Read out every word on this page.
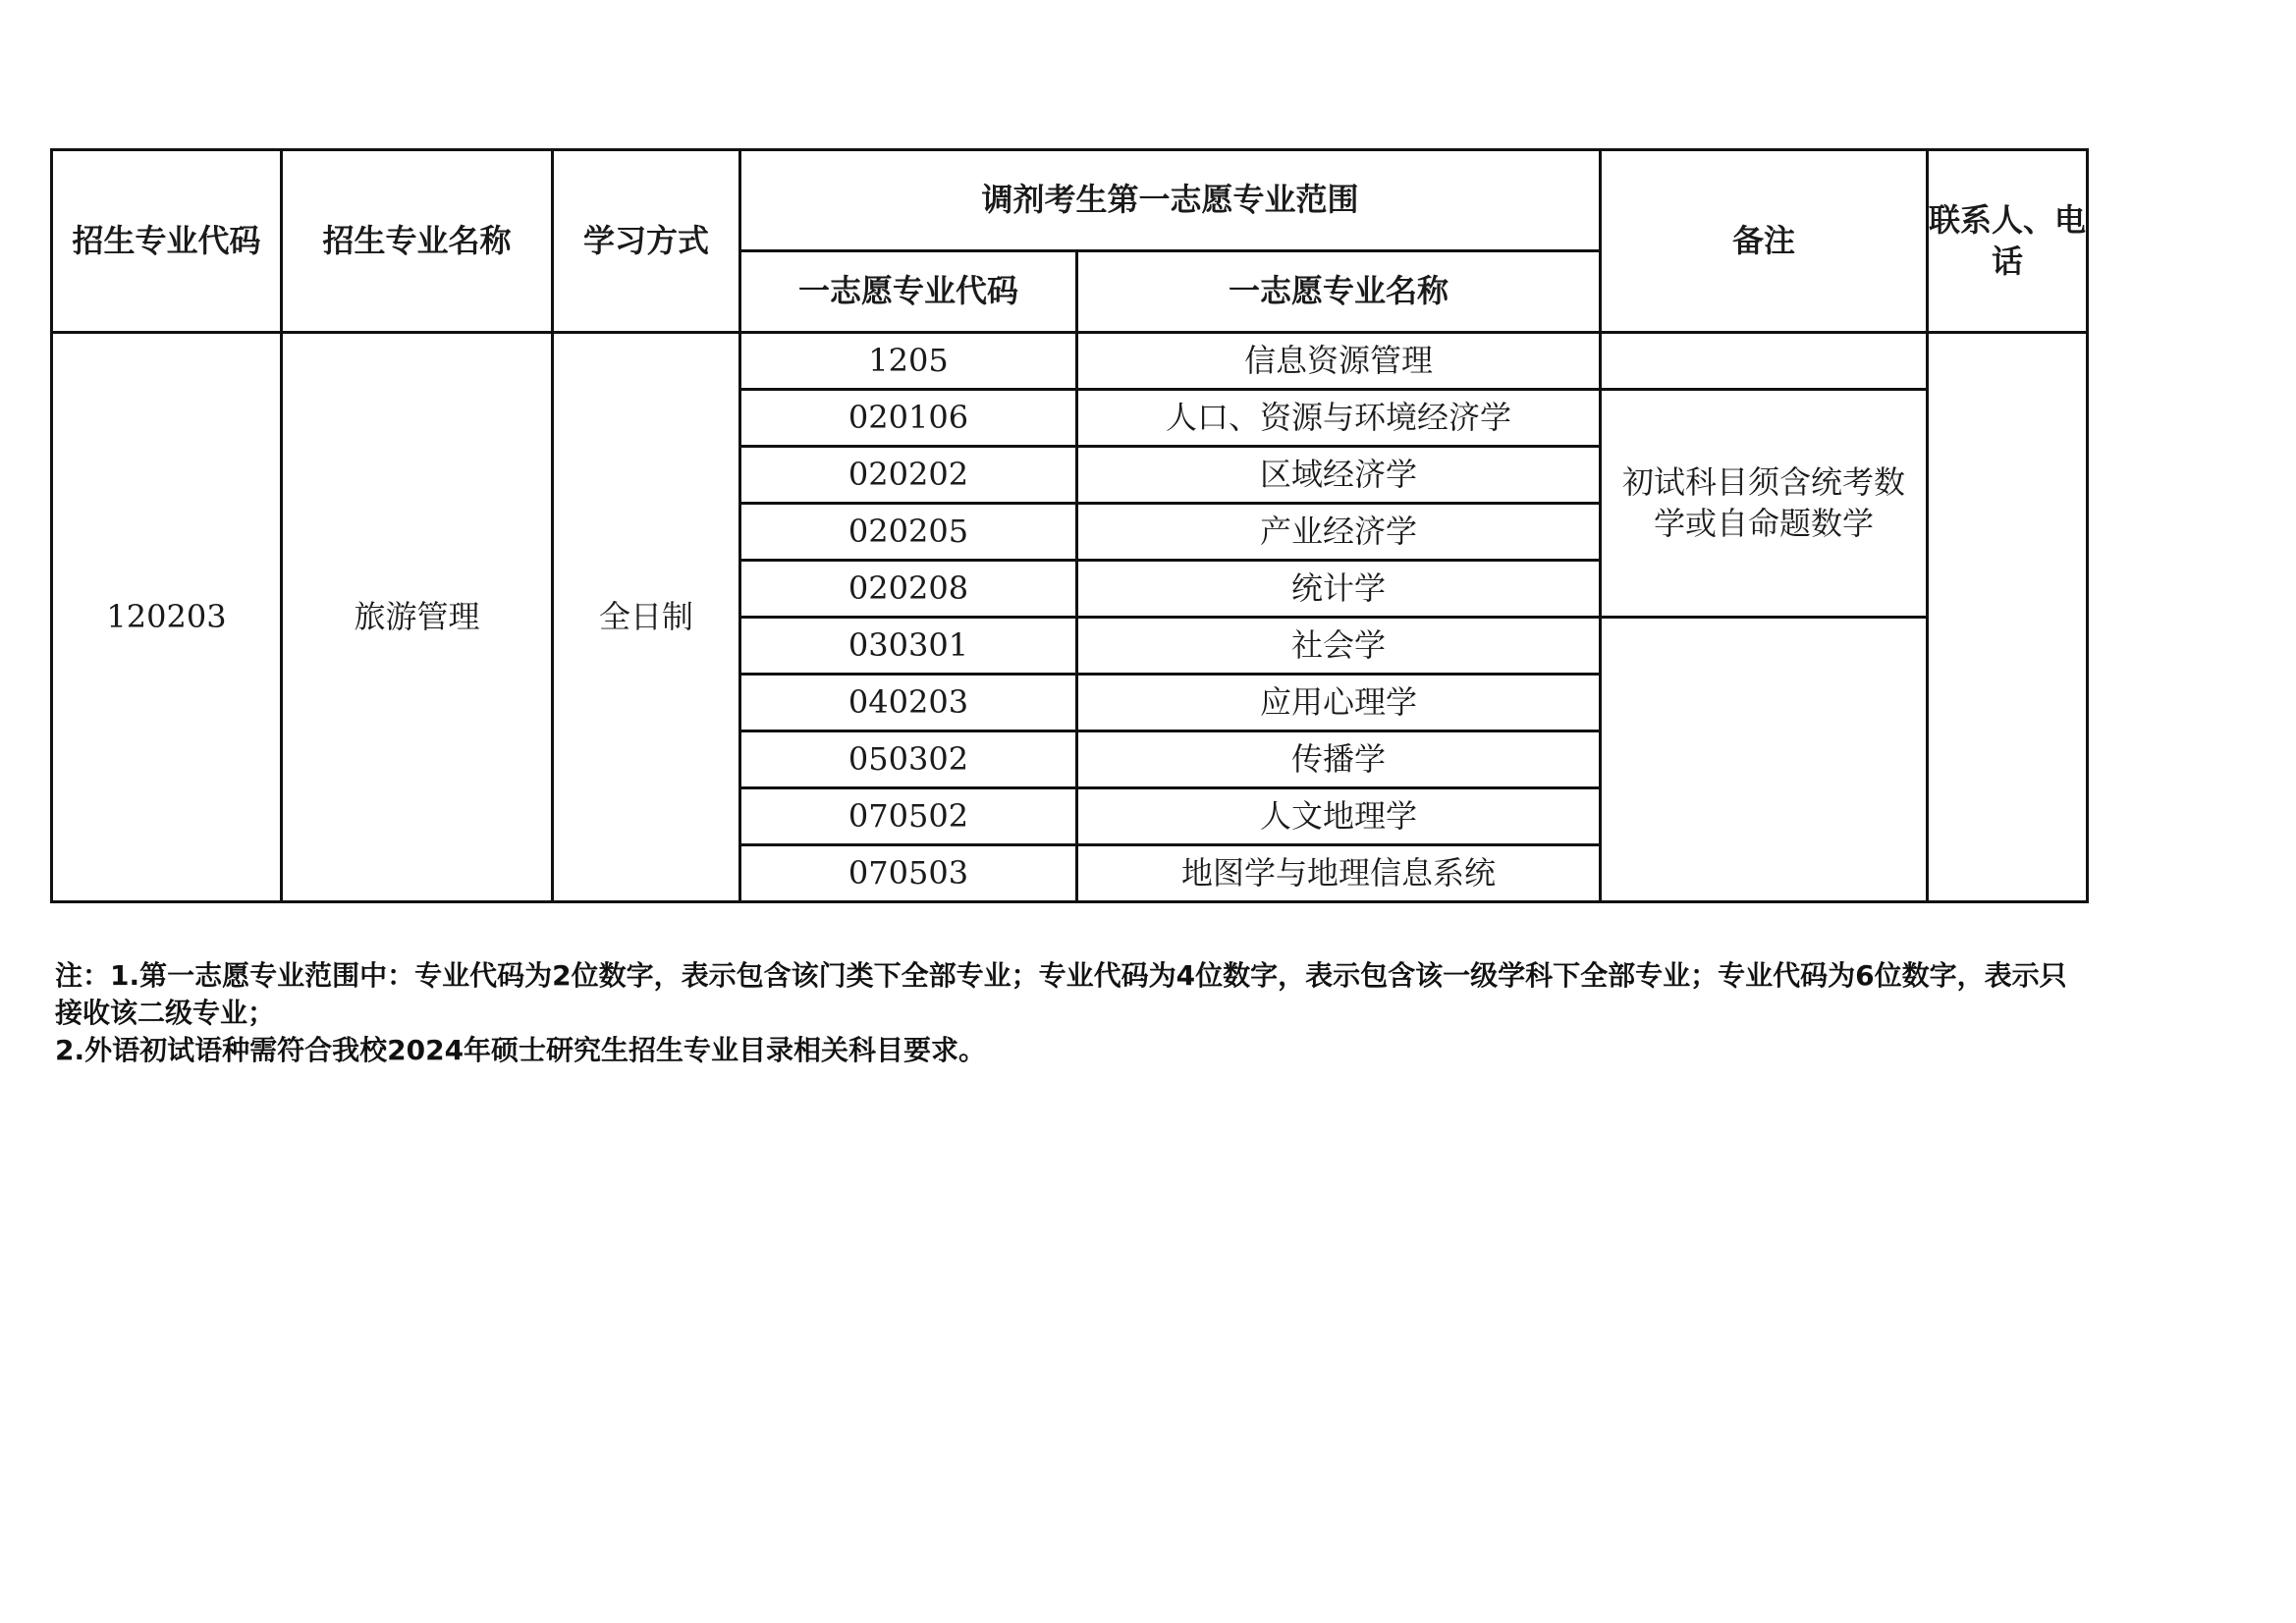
招生专业代码	招生专业名称	学习方式	调剂考生第一志愿专业范围		备注	联系人、电话
			一志愿专业代码	一志愿专业名称		
120203	旅游管理	全日制	1205	信息资源管理		
			020106	人口、资源与环境经济学	初试科目须含统考数学或自命题数学	
			020202	区域经济学		
			020205	产业经济学		
			020208	统计学		
			030301	社会学		
			040203	应用心理学		
			050302	传播学		
			070502	人文地理学		
			070503	地图学与地理信息系统		

注：1.第一志愿专业范围中：专业代码为2位数字，表示包含该门类下全部专业；专业代码为4位数字，表示包含该一级学科下全部专业；专业代码为6位数字，表示只接收该二级专业；

2.外语初试语种需符合我校2024年硕士研究生招生专业目录相关科目要求。
